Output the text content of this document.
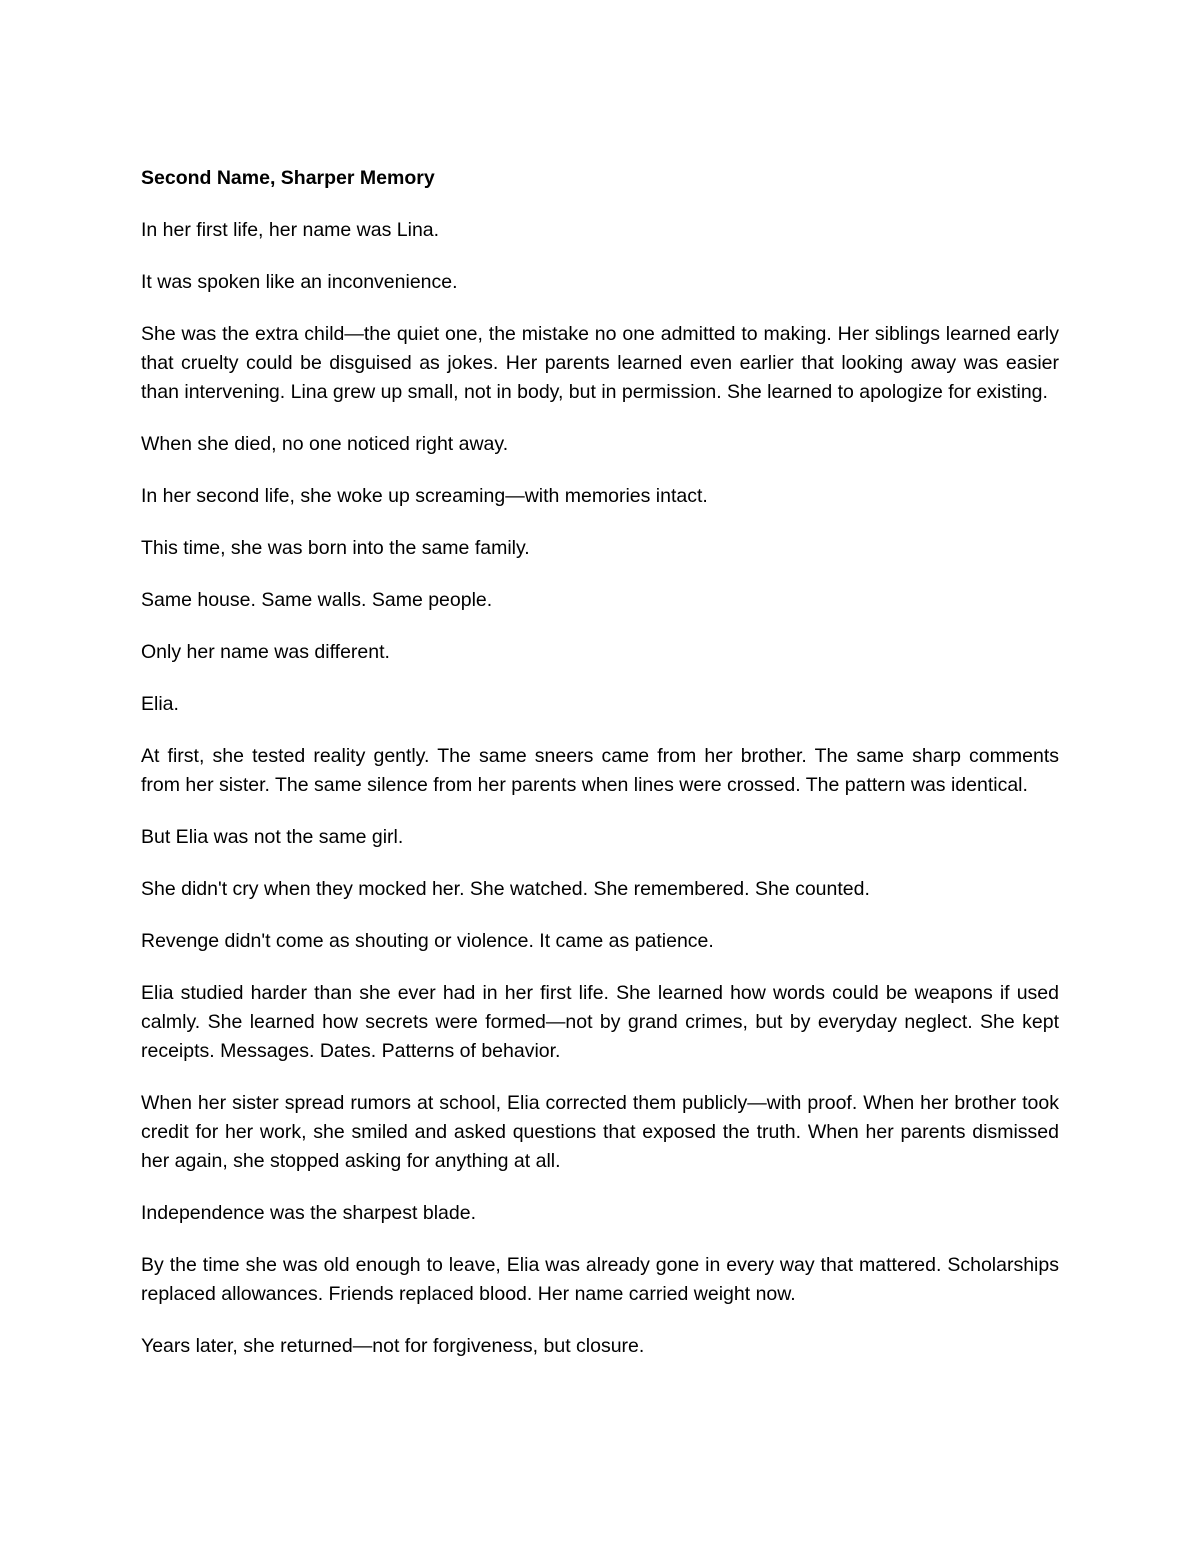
Second Name, Sharper Memory

In her first life, her name was Lina.

It was spoken like an inconvenience.

She was the extra child—the quiet one, the mistake no one admitted to making. Her siblings learned early that cruelty could be disguised as jokes. Her parents learned even earlier that looking away was easier than intervening. Lina grew up small, not in body, but in permission. She learned to apologize for existing.

When she died, no one noticed right away.

In her second life, she woke up screaming—with memories intact.

This time, she was born into the same family.

Same house. Same walls. Same people.

Only her name was different.

Elia.

At first, she tested reality gently. The same sneers came from her brother. The same sharp comments from her sister. The same silence from her parents when lines were crossed. The pattern was identical.

But Elia was not the same girl.

She didn't cry when they mocked her. She watched. She remembered. She counted.

Revenge didn't come as shouting or violence. It came as patience.

Elia studied harder than she ever had in her first life. She learned how words could be weapons if used calmly. She learned how secrets were formed—not by grand crimes, but by everyday neglect. She kept receipts. Messages. Dates. Patterns of behavior.

When her sister spread rumors at school, Elia corrected them publicly—with proof. When her brother took credit for her work, she smiled and asked questions that exposed the truth. When her parents dismissed her again, she stopped asking for anything at all.

Independence was the sharpest blade.

By the time she was old enough to leave, Elia was already gone in every way that mattered. Scholarships replaced allowances. Friends replaced blood. Her name carried weight now.

Years later, she returned—not for forgiveness, but closure.
